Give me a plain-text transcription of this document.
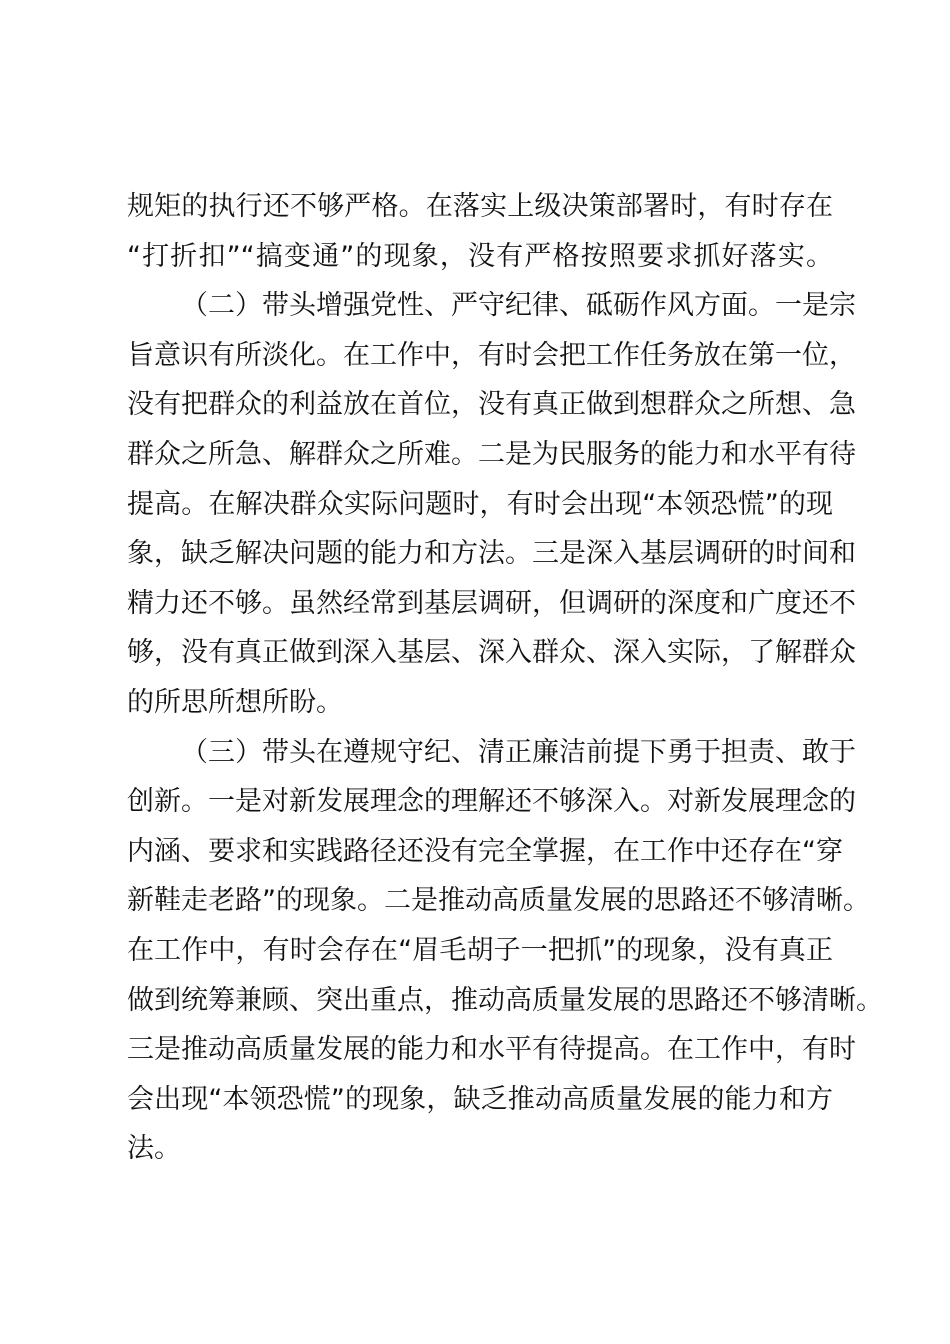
规矩的执行还不够严格。在落实上级决策部署时，有时存在
“打折扣”“搞变通”的现象，没有严格按照要求抓好落实。
（二）带头增强党性、严守纪律、砥砺作风方面。一是宗
旨意识有所淡化。在工作中，有时会把工作任务放在第一位，
没有把群众的利益放在首位，没有真正做到想群众之所想、急
群众之所急、解群众之所难。二是为民服务的能力和水平有待
提高。在解决群众实际问题时，有时会出现“本领恐慌”的现
象，缺乏解决问题的能力和方法。三是深入基层调研的时间和
精力还不够。虽然经常到基层调研，但调研的深度和广度还不
够，没有真正做到深入基层、深入群众、深入实际，了解群众
的所思所想所盼。
（三）带头在遵规守纪、清正廉洁前提下勇于担责、敢于
创新。一是对新发展理念的理解还不够深入。对新发展理念的
内涵、要求和实践路径还没有完全掌握，在工作中还存在“穿
新鞋走老路”的现象。二是推动高质量发展的思路还不够清晰。
在工作中，有时会存在“眉毛胡子一把抓”的现象，没有真正
做到统筹兼顾、突出重点，推动高质量发展的思路还不够清晰。
三是推动高质量发展的能力和水平有待提高。在工作中，有时
会出现“本领恐慌”的现象，缺乏推动高质量发展的能力和方
法。
